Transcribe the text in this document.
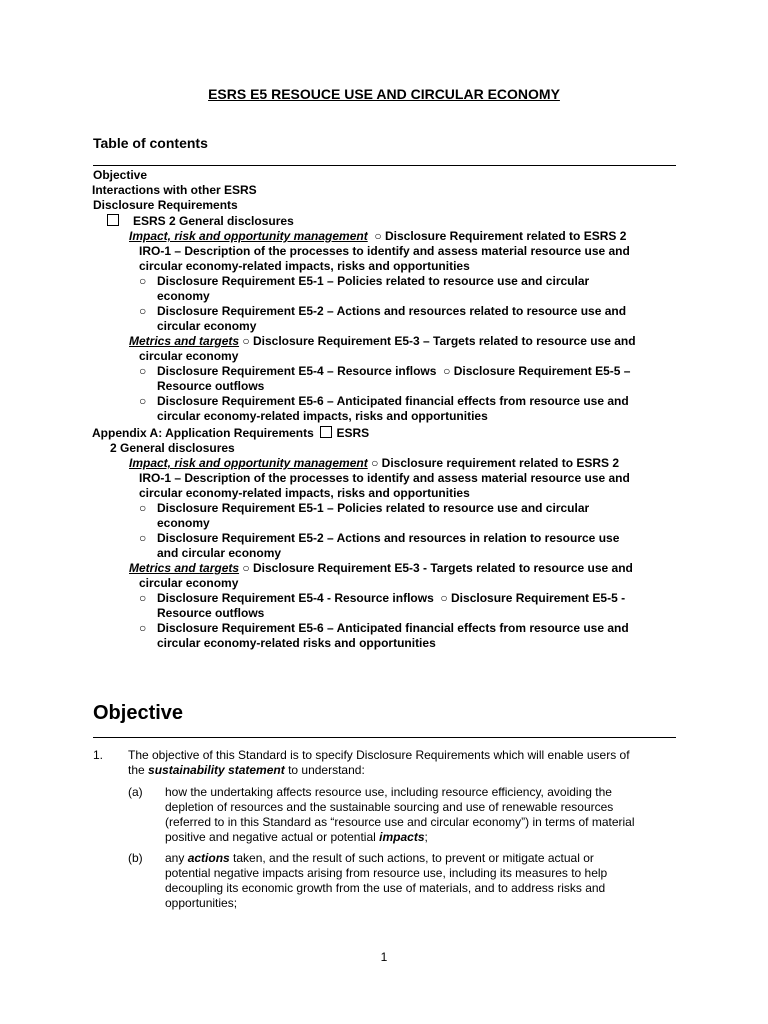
ESRS E5 RESOUCE USE AND CIRCULAR ECONOMY
Table of contents
Objective
Interactions with other ESRS
Disclosure Requirements
ESRS 2 General disclosures
Impact, risk and opportunity management ○ Disclosure Requirement related to ESRS 2
IRO-1 – Description of the processes to identify and assess material resource use and
circular economy-related impacts, risks and opportunities
○ Disclosure Requirement E5-1 – Policies related to resource use and circular
economy
○ Disclosure Requirement E5-2 – Actions and resources related to resource use and
circular economy
Metrics and targets ○ Disclosure Requirement E5-3 – Targets related to resource use and
circular economy
○ Disclosure Requirement E5-4 – Resource inflows ○ Disclosure Requirement E5-5 –
Resource outflows
○ Disclosure Requirement E5-6 – Anticipated financial effects from resource use and
circular economy-related impacts, risks and opportunities
Appendix A: Application Requirements ESRS
2 General disclosures
Impact, risk and opportunity management ○ Disclosure requirement related to ESRS 2
IRO-1 – Description of the processes to identify and assess material resource use and
circular economy-related impacts, risks and opportunities
○ Disclosure Requirement E5-1 – Policies related to resource use and circular
economy
○ Disclosure Requirement E5-2 – Actions and resources in relation to resource use
and circular economy
Metrics and targets ○ Disclosure Requirement E5-3 - Targets related to resource use and
circular economy
○ Disclosure Requirement E5-4 - Resource inflows ○ Disclosure Requirement E5-5 -
Resource outflows
○ Disclosure Requirement E5-6 – Anticipated financial effects from resource use and
circular economy-related risks and opportunities
Objective
1. The objective of this Standard is to specify Disclosure Requirements which will enable users of
the sustainability statement to understand:
(a) how the undertaking affects resource use, including resource efficiency, avoiding the
depletion of resources and the sustainable sourcing and use of renewable resources
(referred to in this Standard as “resource use and circular economy”) in terms of material
positive and negative actual or potential impacts;
(b) any actions taken, and the result of such actions, to prevent or mitigate actual or
potential negative impacts arising from resource use, including its measures to help
decoupling its economic growth from the use of materials, and to address risks and
opportunities;
1
